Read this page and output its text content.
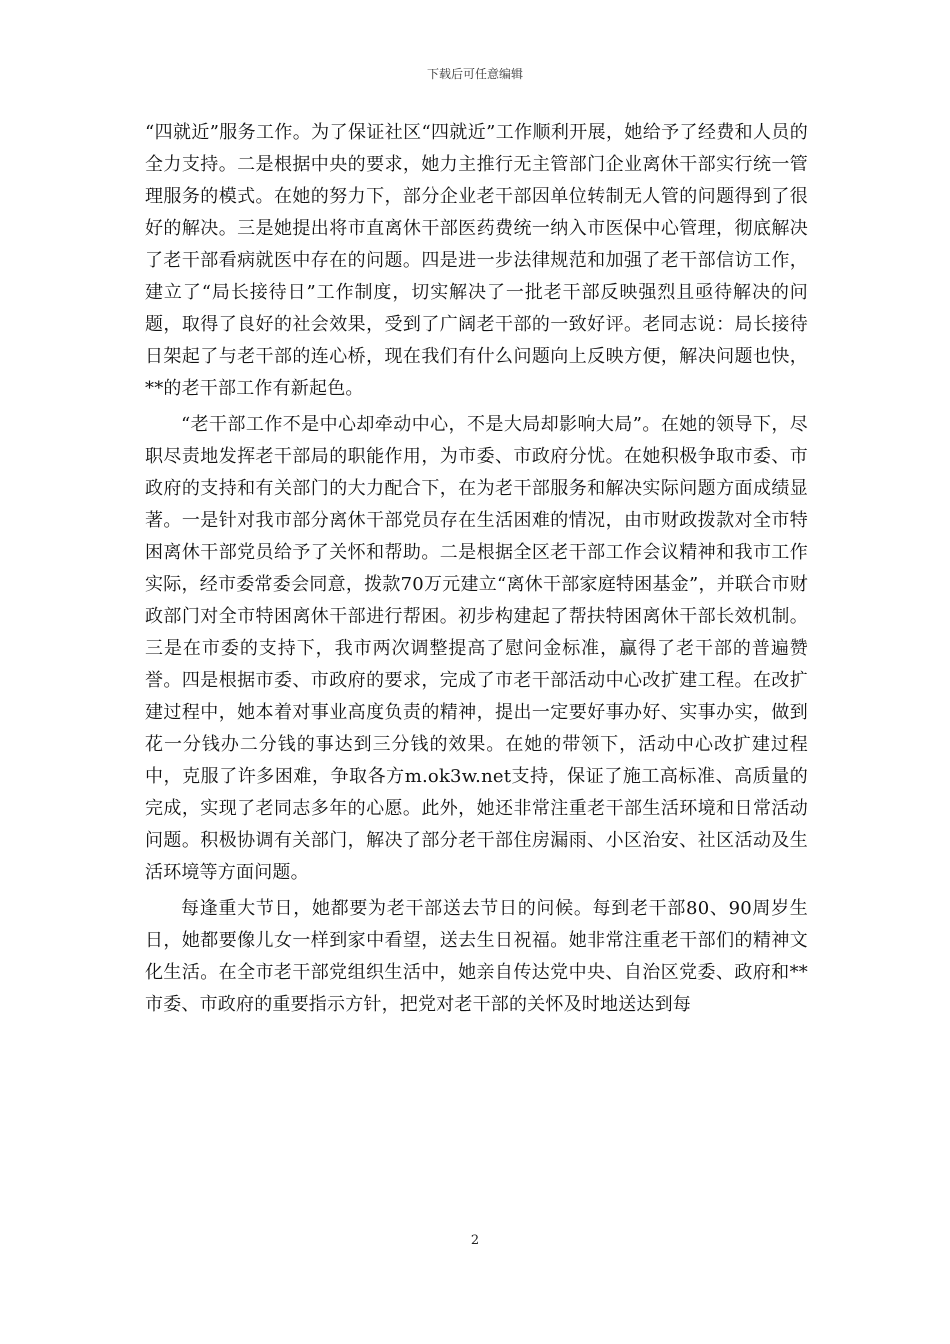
下载后可任意编辑

“四就近”服务工作。为了保证社区“四就近”工作顺利开展，她给予了经费和人员的全力支持。二是根据中央的要求，她力主推行无主管部门企业离休干部实行统一管理服务的模式。在她的努力下，部分企业老干部因单位转制无人管的问题得到了很好的解决。三是她提出将市直离休干部医药费统一纳入市医保中心管理，彻底解决了老干部看病就医中存在的问题。四是进一步法律规范和加强了老干部信访工作，建立了“局长接待日”工作制度，切实解决了一批老干部反映强烈且亟待解决的问题，取得了良好的社会效果，受到了广阔老干部的一致好评。老同志说：局长接待日架起了与老干部的连心桥，现在我们有什么问题向上反映方便，解决问题也快，**的老干部工作有新起色。

“老干部工作不是中心却牵动中心，不是大局却影响大局”。在她的领导下，尽职尽责地发挥老干部局的职能作用，为市委、市政府分忧。在她积极争取市委、市政府的支持和有关部门的大力配合下，在为老干部服务和解决实际问题方面成绩显著。一是针对我市部分离休干部党员存在生活困难的情况，由市财政拨款对全市特困离休干部党员给予了关怀和帮助。二是根据全区老干部工作会议精神和我市工作实际，经市委常委会同意，拨款70万元建立“离休干部家庭特困基金”，并联合市财政部门对全市特困离休干部进行帮困。初步构建起了帮扶特困离休干部长效机制。三是在市委的支持下，我市两次调整提高了慰问金标准，赢得了老干部的普遍赞誉。四是根据市委、市政府的要求，完成了市老干部活动中心改扩建工程。在改扩建过程中，她本着对事业高度负责的精神，提出一定要好事办好、实事办实，做到花一分钱办二分钱的事达到三分钱的效果。在她的带领下，活动中心改扩建过程中，克服了许多困难，争取各方m.ok3w.net支持，保证了施工高标准、高质量的完成，实现了老同志多年的心愿。此外，她还非常注重老干部生活环境和日常活动问题。积极协调有关部门，解决了部分老干部住房漏雨、小区治安、社区活动及生活环境等方面问题。

每逢重大节日，她都要为老干部送去节日的问候。每到老干部80、90周岁生日，她都要像儿女一样到家中看望，送去生日祝福。她非常注重老干部们的精神文化生活。在全市老干部党组织生活中，她亲自传达党中央、自治区党委、政府和**市委、市政府的重要指示方针，把党对老干部的关怀及时地送达到每

2
